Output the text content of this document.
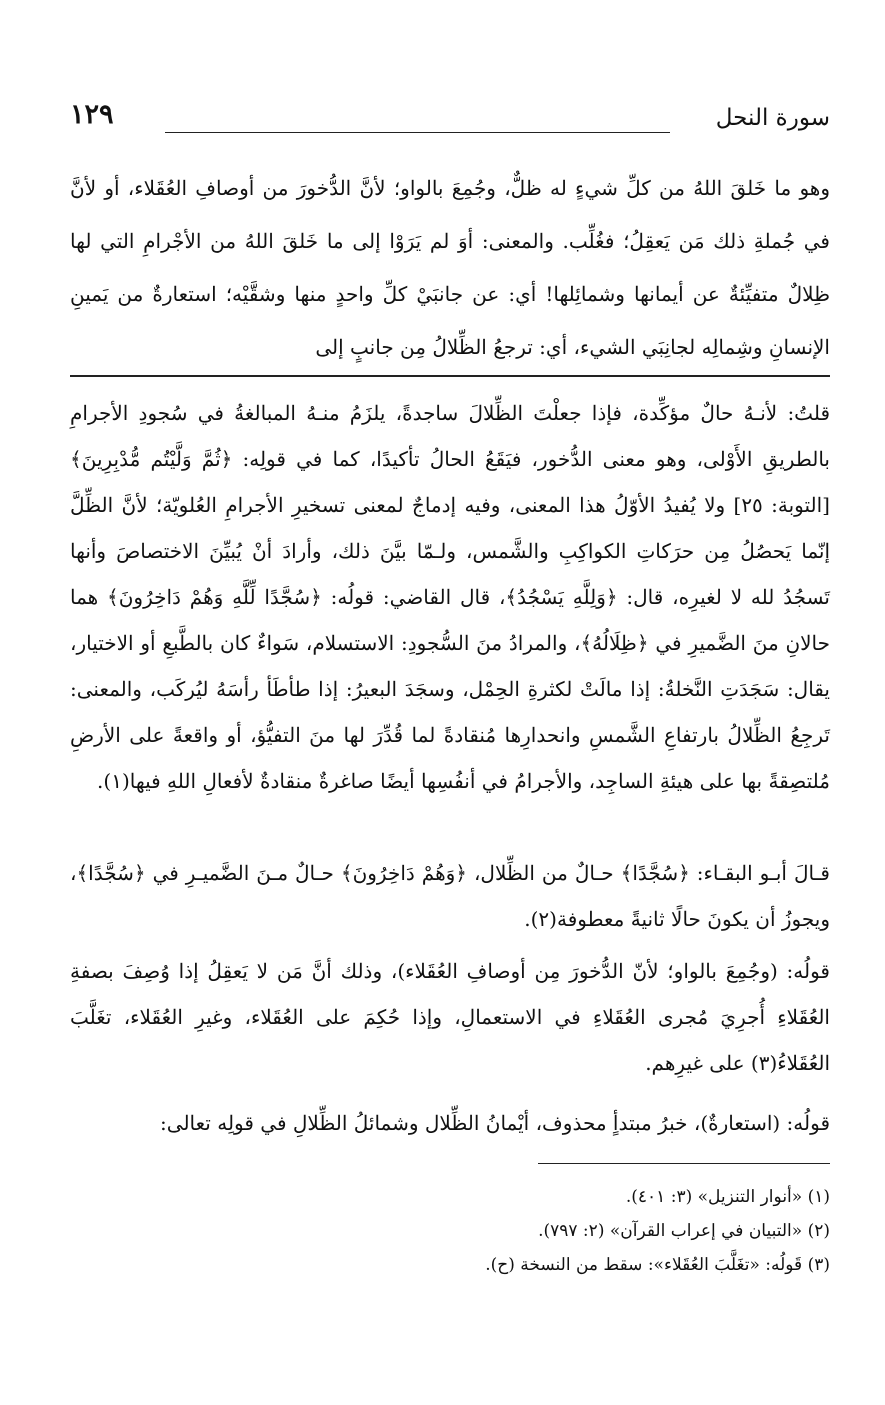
سورة النحل
١٢٩

وهو ما خَلقَ اللهُ من كلِّ شيءٍ له ظلٌّ، وجُمِعَ بالواو؛ لأنَّ الدُّخورَ من أوصافِ العُقَلاء، أو لأنَّ في جُملةِ ذلك مَن يَعقِلُ؛ فغُلِّب. والمعنى: أوَ لم يَرَوْا إلى ما خَلقَ اللهُ من الأجْرامِ التي لها ظِلالٌ متفيِّئةٌ عن أيمانها وشمائِلها! أي: عن جانبَيْ كلِّ واحدٍ منها وشقَّيْه؛ استعارةٌ من يَمينِ الإنسانِ وشِمالِه لجانِبَي الشيء، أي: ترجعُ الظِّلالُ مِن جانبٍ إلى

قلتُ: لأنـهُ حالٌ مؤكِّدة، فإذا جعلْتَ الظِّلالَ ساجدةً، يلزَمُ منـهُ المبالغةُ في سُجودِ الأجرامِ بالطريقِ الأَوْلى، وهو معنى الدُّخور، فيَقَعُ الحالُ تأكيدًا، كما في قولِه: ﴿ثُمَّ وَلَّيْتُم مُّدْبِرِينَ﴾ [التوبة: ٢٥] ولا يُفيدُ الأوّلُ هذا المعنى، وفيه إدماجٌ لمعنى تسخيرِ الأجرامِ العُلويّة؛ لأنَّ الظِّلَّ إنّما يَحصُلُ مِن حرَكاتِ الكواكِبِ والشَّمس، ولـمّا بيَّنَ ذلك، وأرادَ أنْ يُبيِّنَ الاختصاصَ وأنها تَسجُدُ لله لا لغيرِه، قال: ﴿وَلِلَّهِ يَسْجُدُ﴾، قال القاضي: قولُه: ﴿سُجَّدًا لِّلَّهِ وَهُمْ دَاخِرُونَ﴾ هما حالانِ منَ الضَّميرِ في ﴿ظِلَالُهُ﴾، والمرادُ منَ السُّجودِ: الاستسلام، سَواءٌ كان بالطَّبعِ أو الاختيار، يقال: سَجَدَتِ النَّخلةُ: إذا مالَتْ لكثرةِ الحِمْل، وسجَدَ البعيرُ: إذا طأطَأ رأسَهُ ليُركَب، والمعنى: تَرجِعُ الظِّلالُ بارتفاعِ الشَّمسِ وانحدارِها مُنقادةً لما قُدِّرَ لها منَ التفيُّؤ، أو واقعةً على الأرضِ مُلتصِقةً بها على هيئةِ الساجِد، والأجرامُ في أنفُسِها أيضًا صاغرةٌ منقادةٌ لأفعالِ اللهِ فيها(١).

قـالَ أبـو البقـاء: ﴿سُجَّدًا﴾ حـالٌ من الظِّلال، ﴿وَهُمْ دَاخِرُونَ﴾ حـالٌ مـنَ الضَّميـرِ في ﴿سُجَّدًا﴾، ويجوزُ أن يكونَ حالًا ثانيةً معطوفة(٢).

قولُه: (وجُمِعَ بالواو؛ لأنّ الدُّخورَ مِن أوصافِ العُقَلاء)، وذلك أنَّ مَن لا يَعقِلُ إذا وُصِفَ بصفةِ العُقَلاءِ أُجرِيَ مُجرى العُقَلاءِ في الاستعمالِ، وإذا حُكِمَ على العُقَلاء، وغيرِ العُقَلاء، تغَلَّبَ العُقَلاءُ(٣) على غيرِهم.

قولُه: (استعارةٌ)، خبرُ مبتدأٍ محذوف، أيْمانُ الظِّلال وشمائلُ الظِّلالِ في قولِه تعالى:

(١) «أنوار التنزيل» (٣: ٤٠١).
(٢) «التبيان في إعراب القرآن» (٢: ٧٩٧).
(٣) قَولُه: «تغَلَّبَ العُقَلاء»: سقط من النسخة (ح).
